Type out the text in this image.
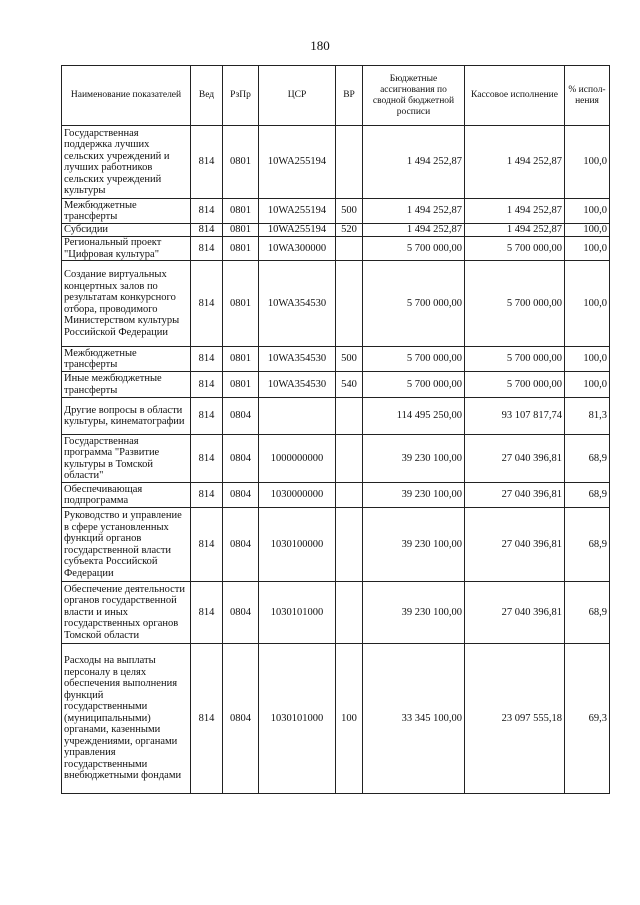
180
Наименование показателей	Вед	РзПр	ЦСР	ВР	Бюджетные ассигнования по сводной бюджетной росписи	Кассовое исполнение	% испол-нения
Государственная поддержка лучших сельских учреждений и лучших работников сельских учреждений культуры	814	0801	10WA255194		1 494 252,87	1 494 252,87	100,0
Межбюджетные трансферты	814	0801	10WA255194	500	1 494 252,87	1 494 252,87	100,0
Субсидии	814	0801	10WA255194	520	1 494 252,87	1 494 252,87	100,0
Региональный проект "Цифровая культура"	814	0801	10WA300000		5 700 000,00	5 700 000,00	100,0
Создание виртуальных концертных залов по результатам конкурсного отбора, проводимого Министерством культуры Российской Федерации	814	0801	10WA354530		5 700 000,00	5 700 000,00	100,0
Межбюджетные трансферты	814	0801	10WA354530	500	5 700 000,00	5 700 000,00	100,0
Иные межбюджетные трансферты	814	0801	10WA354530	540	5 700 000,00	5 700 000,00	100,0
Другие вопросы в области культуры, кинематографии	814	0804			114 495 250,00	93 107 817,74	81,3
Государственная программа "Развитие культуры в Томской области"	814	0804	1000000000		39 230 100,00	27 040 396,81	68,9
Обеспечивающая подпрограмма	814	0804	1030000000		39 230 100,00	27 040 396,81	68,9
Руководство и управление в сфере установленных функций органов государственной власти субъекта Российской Федерации	814	0804	1030100000		39 230 100,00	27 040 396,81	68,9
Обеспечение деятельности органов государственной власти и иных государственных органов Томской области	814	0804	1030101000		39 230 100,00	27 040 396,81	68,9
Расходы на выплаты персоналу в целях обеспечения выполнения функций государственными (муниципальными) органами, казенными учреждениями, органами управления государственными внебюджетными фондами	814	0804	1030101000	100	33 345 100,00	23 097 555,18	69,3
